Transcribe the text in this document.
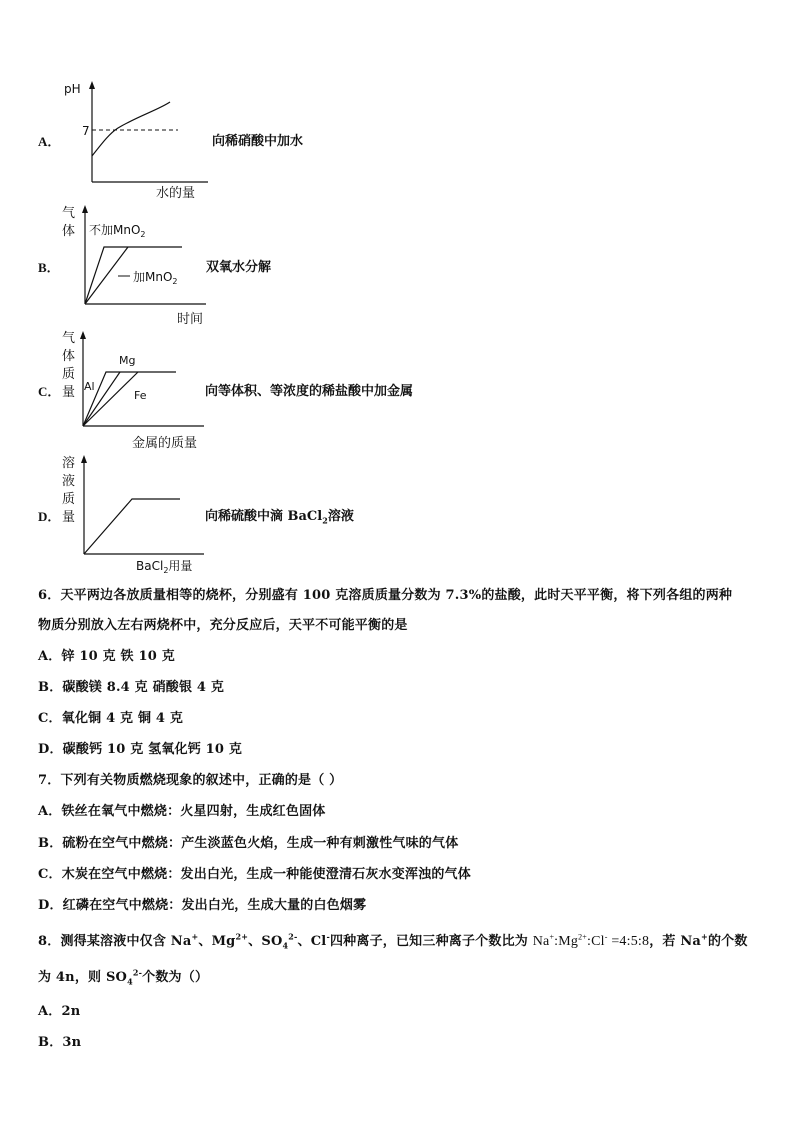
A．
pH
7
水的量
向稀硝酸中加水
B．
气
体 不加MnO$_2$
加MnO$_2$
时间
双氧水分解
C．
气
体
质
量 Al
Mg
Fe
金属的质量
向等体积、等浓度的稀盐酸中加金属
D．
溶
液
质
量
BaCl$_2$用量
向稀硫酸中滴 BaCl$_2$溶液
6．天平两边各放质量相等的烧杯，分别盛有 100 克溶质质量分数为 7.3%的盐酸，此时天平平衡，将下列各组的两种
物质分别放入左右两烧杯中，充分反应后，天平不可能平衡的是
A．锌 10 克 铁 10 克
B．碳酸镁 8.4 克 硝酸银 4 克
C．氧化铜 4 克 铜 4 克
D．碳酸钙 10 克 氢氧化钙 10 克
7．下列有关物质燃烧现象的叙述中，正确的是（ ）
A．铁丝在氧气中燃烧：火星四射，生成红色固体
B．硫粉在空气中燃烧：产生淡蓝色火焰，生成一种有刺激性气味的气体
C．木炭在空气中燃烧：发出白光，生成一种能使澄清石灰水变浑浊的气体
D．红磷在空气中燃烧：发出白光，生成大量的白色烟雾
8．测得某溶液中仅含 Na+、$Mg^{2+}$、$SO_4^{2-}$、Cl-四种离子，已知三种离子个数比为 $Na^+:Mg^{2+}:Cl^-$ =4:5:8，若 Na+的个数
为 4n，则 $SO_4^{2-}$个数为（）
A．2n
B．3n
